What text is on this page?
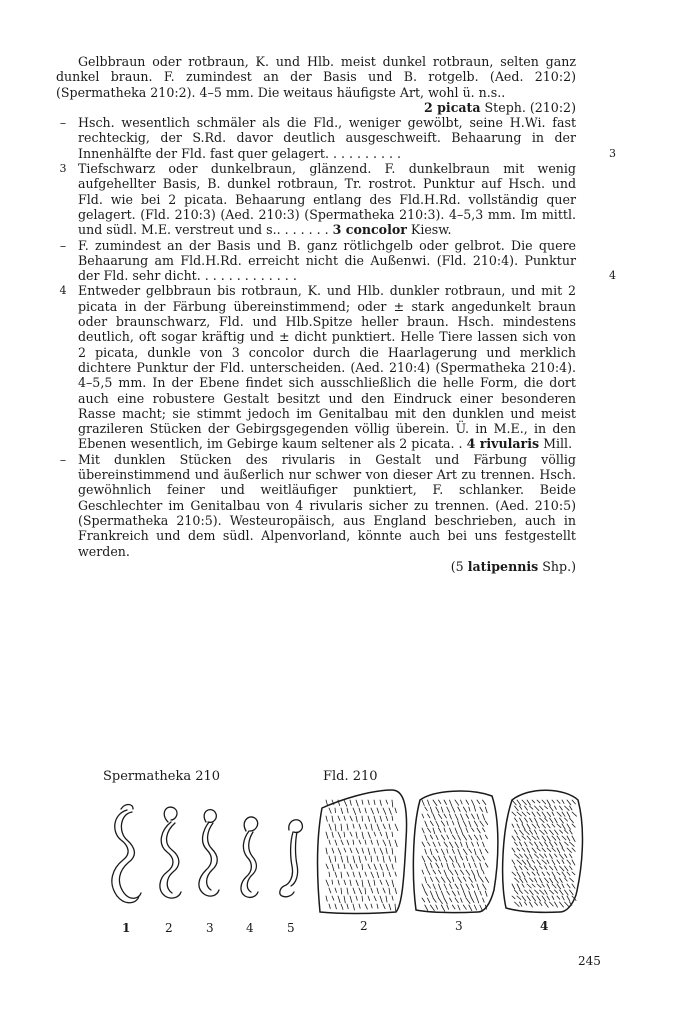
Gelbbraun oder rotbraun, K. und Hlb. meist dunkel rotbraun, selten ganz dunkel braun. F. zumindest an der Basis und B. rotgelb. (Aed. 210:2) (Spermatheka 210:2). 4–5 mm. Die weitaus häufigste Art, wohl ü. n.s..

2 picata Steph. (210:2)

– Hsch. wesentlich schmäler als die Fld., weniger gewölbt, seine H.Wi. fast rechteckig, der S.Rd. davor deutlich ausgeschweift. Behaarung in der Innenhälfte der Fld. fast quer gelagert. . . . . . . . . .	3
3 Tiefschwarz oder dunkelbraun, glänzend. F. dunkelbraun mit wenig aufgehellter Basis, B. dunkel rotbraun, Tr. rostrot. Punktur auf Hsch. und Fld. wie bei 2 picata. Behaarung entlang des Fld.H.Rd. vollständig quer gelagert. (Fld. 210:3) (Aed. 210:3) (Spermatheka 210:3). 4–5,3 mm. Im mittl. und südl. M.E. verstreut und s.. . . . . . . 3 concolor Kiesw.
– F. zumindest an der Basis und B. ganz rötlichgelb oder gelbrot. Die quere Behaarung am Fld.H.Rd. erreicht nicht die Außenwi. (Fld. 210:4). Punktur der Fld. sehr dicht. . . . . . . . . . . . .	4
4 Entweder gelbbraun bis rotbraun, K. und Hlb. dunkler rotbraun, und mit 2 picata in der Färbung übereinstimmend; oder ± stark angedunkelt braun oder braunschwarz, Fld. und Hlb.Spitze heller braun. Hsch. mindestens deutlich, oft sogar kräftig und ± dicht punktiert. Helle Tiere lassen sich von 2 picata, dunkle von 3 concolor durch die Haarlagerung und merklich dichtere Punktur der Fld. unterscheiden. (Aed. 210:4) (Spermatheka 210:4). 4–5,5 mm. In der Ebene findet sich ausschließlich die helle Form, die dort auch eine robustere Gestalt besitzt und den Eindruck einer besonderen Rasse macht; sie stimmt jedoch im Genitalbau mit den dunklen und meist grazileren Stücken der Gebirgsgegenden völlig überein. Ü. in M.E., in den Ebenen wesentlich, im Gebirge kaum seltener als 2 picata. . 4 rivularis Mill.
– Mit dunklen Stücken des rivularis in Gestalt und Färbung völlig übereinstimmend und äußerlich nur schwer von dieser Art zu trennen. Hsch. gewöhnlich feiner und weitläufiger punktiert, F. schlanker. Beide Geschlechter im Genitalbau von 4 rivularis sicher zu trennen. (Aed. 210:5) (Spermatheka 210:5). Westeuropäisch, aus England beschrieben, auch in Frankreich und dem südl. Alpenvorland, könnte auch bei uns festgestellt werden.

(5 latipennis Shp.)

Spermatheka 210	Fld. 210
1	2	3	4	5	2	3	4
245
